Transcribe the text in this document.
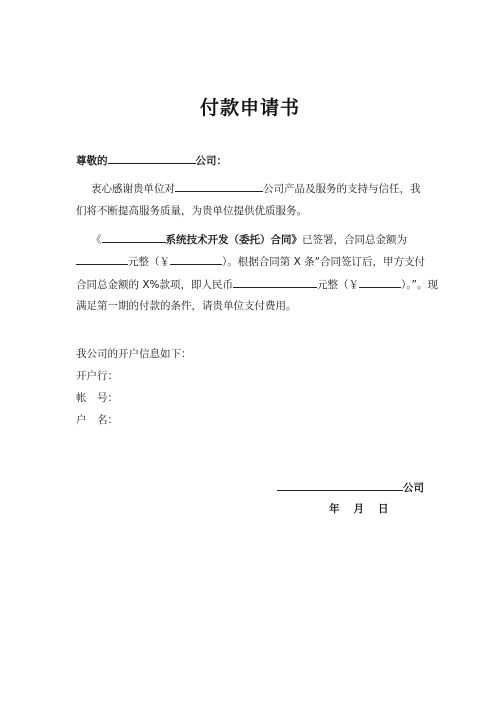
付款申请书
尊敬的	公司：
衷心感谢贵单位对	公司产品及服务的支持与信任，我
们将不断提高服务质量，为贵单位提供优质服务。
《	系统技术开发（委托）合同》已签署，合同总金额为
元整（￥	）。根据合同第 X 条“合同签订后，甲方支付
合同总金额的 X%款项，即人民币	元整（￥	）。”。现
满足第一期的付款的条件，请贵单位支付费用。
我公司的开户信息如下：
开户行：
帐　号：
户　名：
公司
年 月 日
